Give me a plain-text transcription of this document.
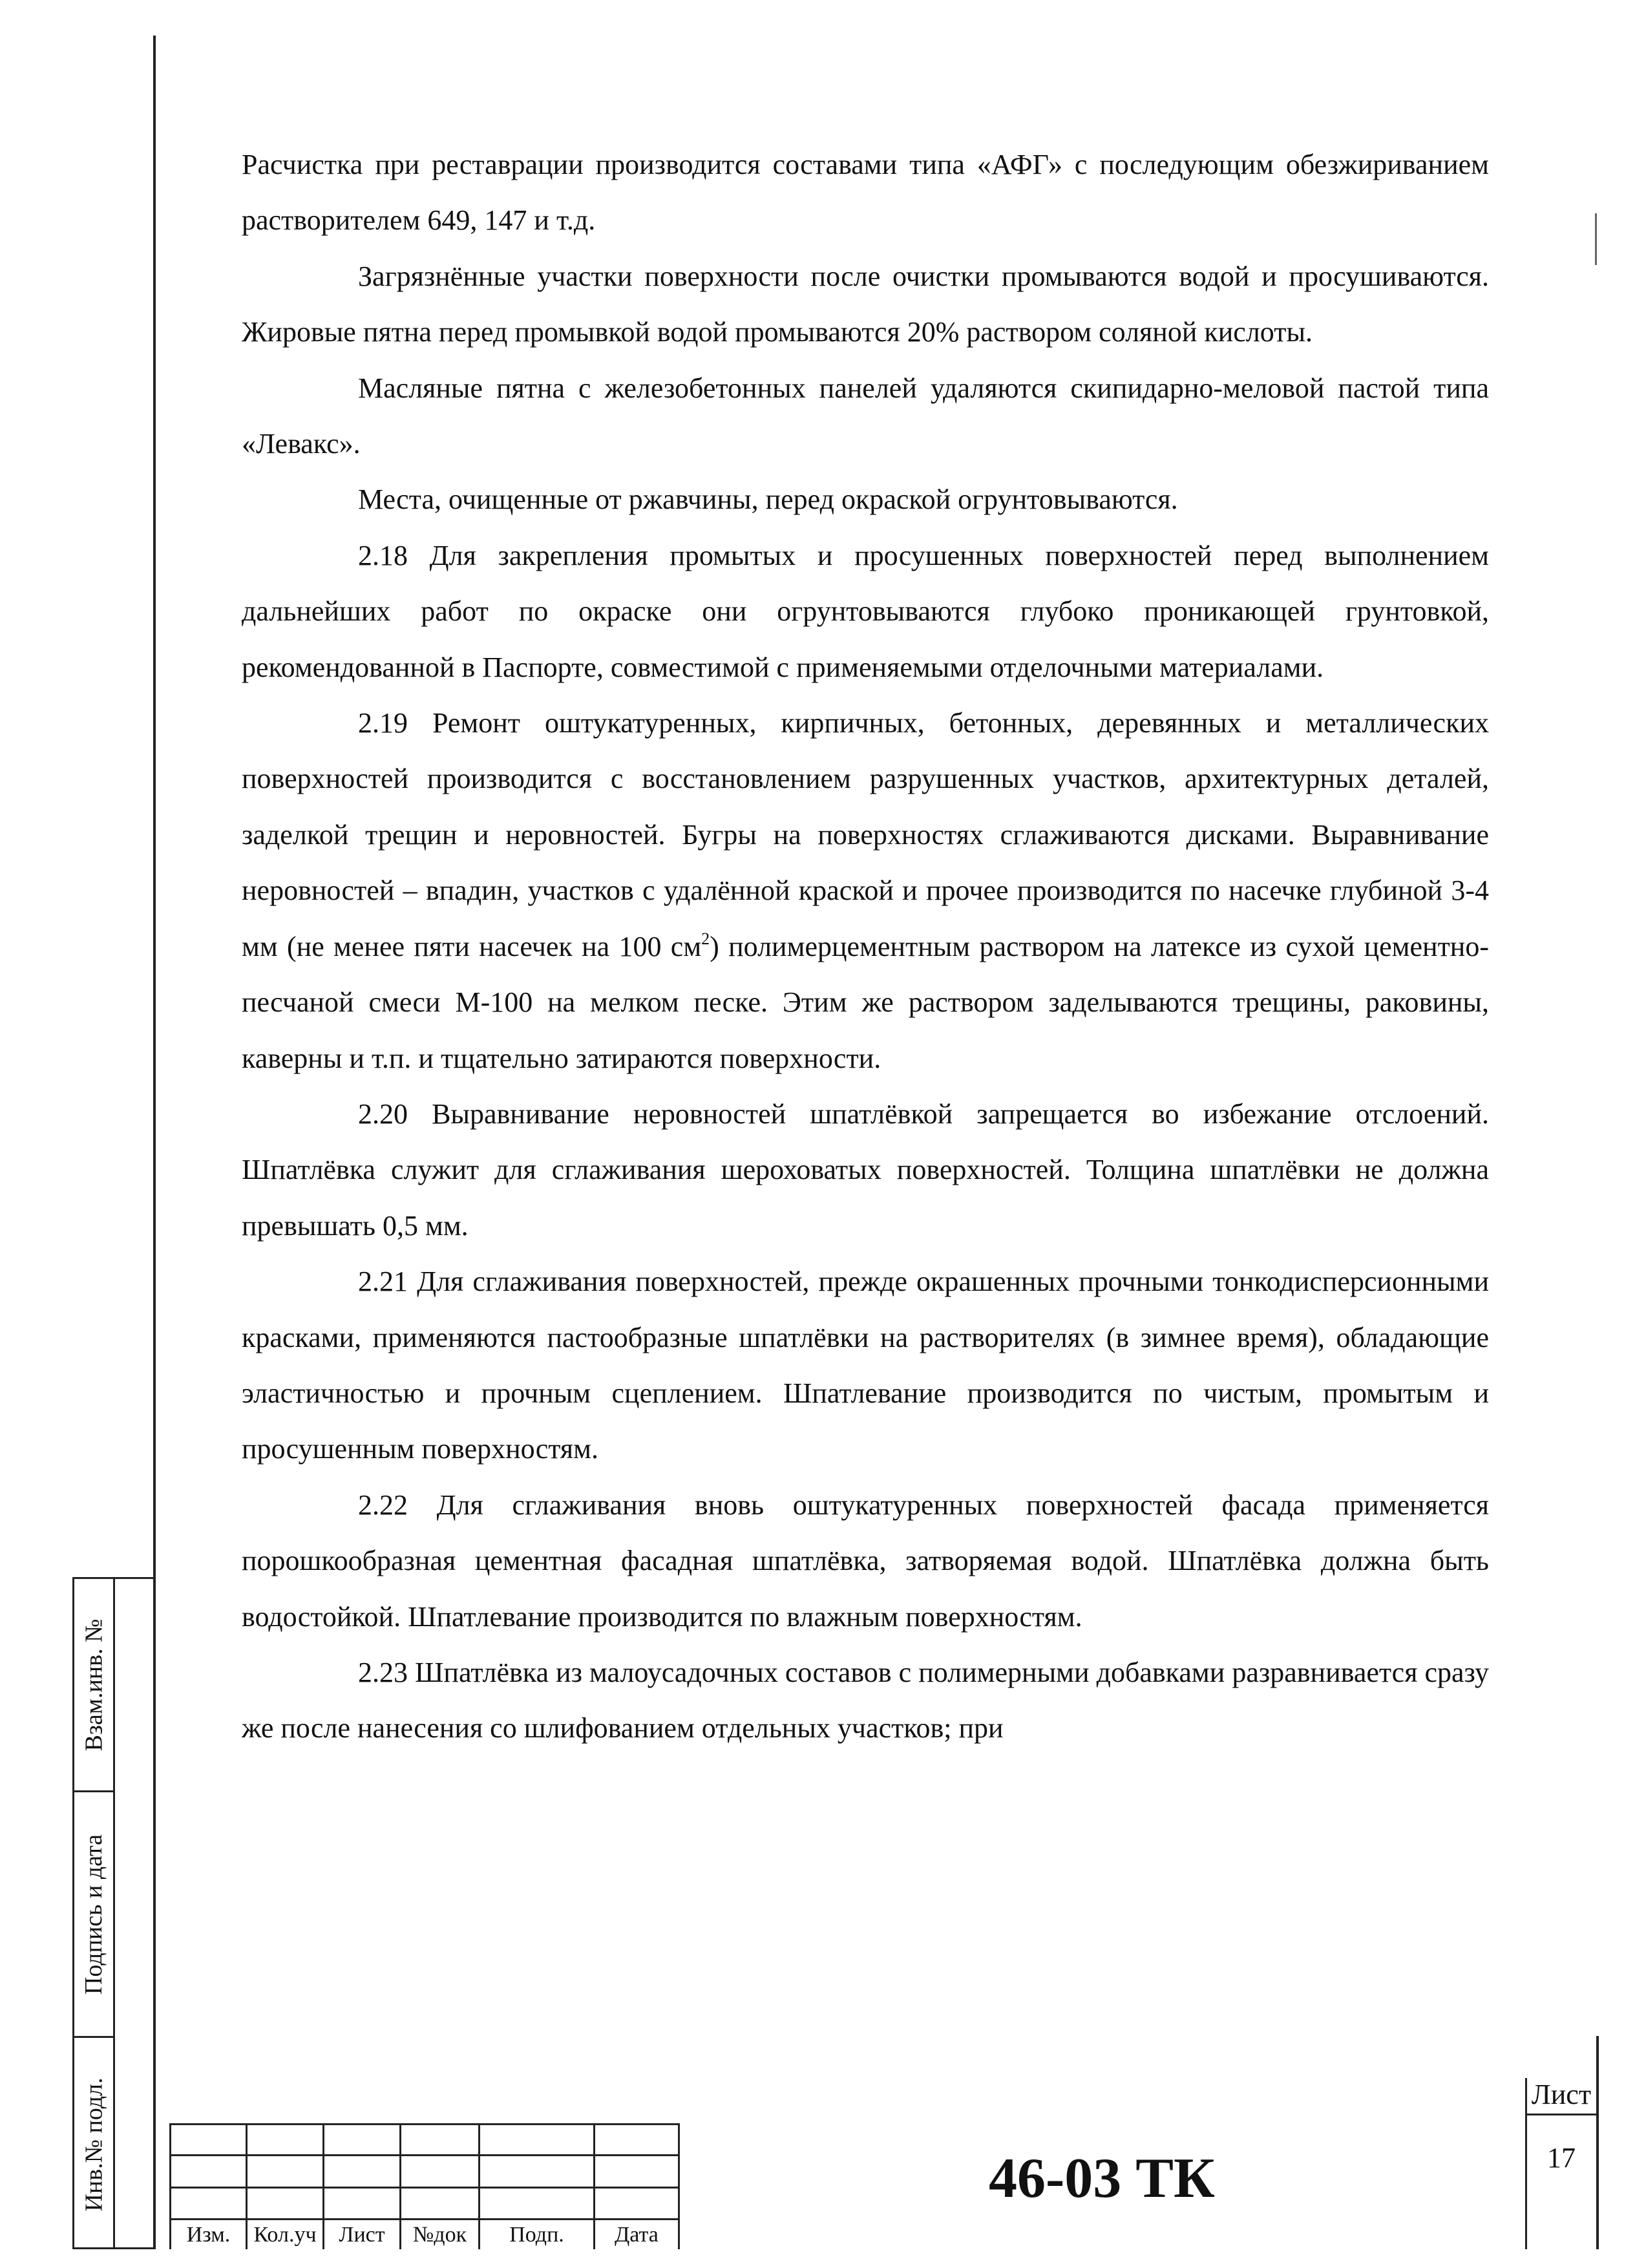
Расчистка при реставрации производится составами типа «АФГ» с последующим обезжириванием растворителем 649, 147 и т.д.

Загрязнённые участки поверхности после очистки промываются водой и просушиваются. Жировые пятна перед промывкой водой промываются 20% раствором соляной кислоты.

Масляные пятна с железобетонных панелей удаляются скипидарно-меловой пастой типа «Левакс».

Места, очищенные от ржавчины, перед окраской огрунтовываются.

2.18 Для закрепления промытых и просушенных поверхностей перед выполнением дальнейших работ по окраске они огрунтовываются глубоко проникающей грунтовкой, рекомендованной в Паспорте, совместимой с применяемыми отделочными материалами.

2.19 Ремонт оштукатуренных, кирпичных, бетонных, деревянных и металлических поверхностей производится с восстановлением разрушенных участков, архитектурных деталей, заделкой трещин и неровностей. Бугры на поверхностях сглаживаются дисками. Выравнивание неровностей – впадин, участков с удалённой краской и прочее производится по насечке глубиной 3-4 мм (не менее пяти насечек на 100 $см^2$) полимерцементным раствором на латексе из сухой цементно-песчаной смеси М-100 на мелком песке. Этим же раствором заделываются трещины, раковины, каверны и т.п. и тщательно затираются поверхности.

2.20 Выравнивание неровностей шпатлёвкой запрещается во избежание отслоений. Шпатлёвка служит для сглаживания шероховатых поверхностей. Толщина шпатлёвки не должна превышать 0,5 мм.

2.21 Для сглаживания поверхностей, прежде окрашенных прочными тонкодисперсионными красками, применяются пастообразные шпатлёвки на растворителях (в зимнее время), обладающие эластичностью и прочным сцеплением. Шпатлевание производится по чистым, промытым и просушенным поверхностям.

2.22 Для сглаживания вновь оштукатуренных поверхностей фасада применяется порошкообразная цементная фасадная шпатлёвка, затворяемая водой. Шпатлёвка должна быть водостойкой. Шпатлевание производится по влажным поверхностям.

2.23 Шпатлёвка из малоусадочных составов с полимерными добавками разравнивается сразу же после нанесения со шлифованием отдельных участков; при

Взам.инв. №
Подпись и дата
Инв.№ подл.
Изм.	Кол.уч	Лист	№док	Подп.	Дата
46-03 ТК
Лист
17
